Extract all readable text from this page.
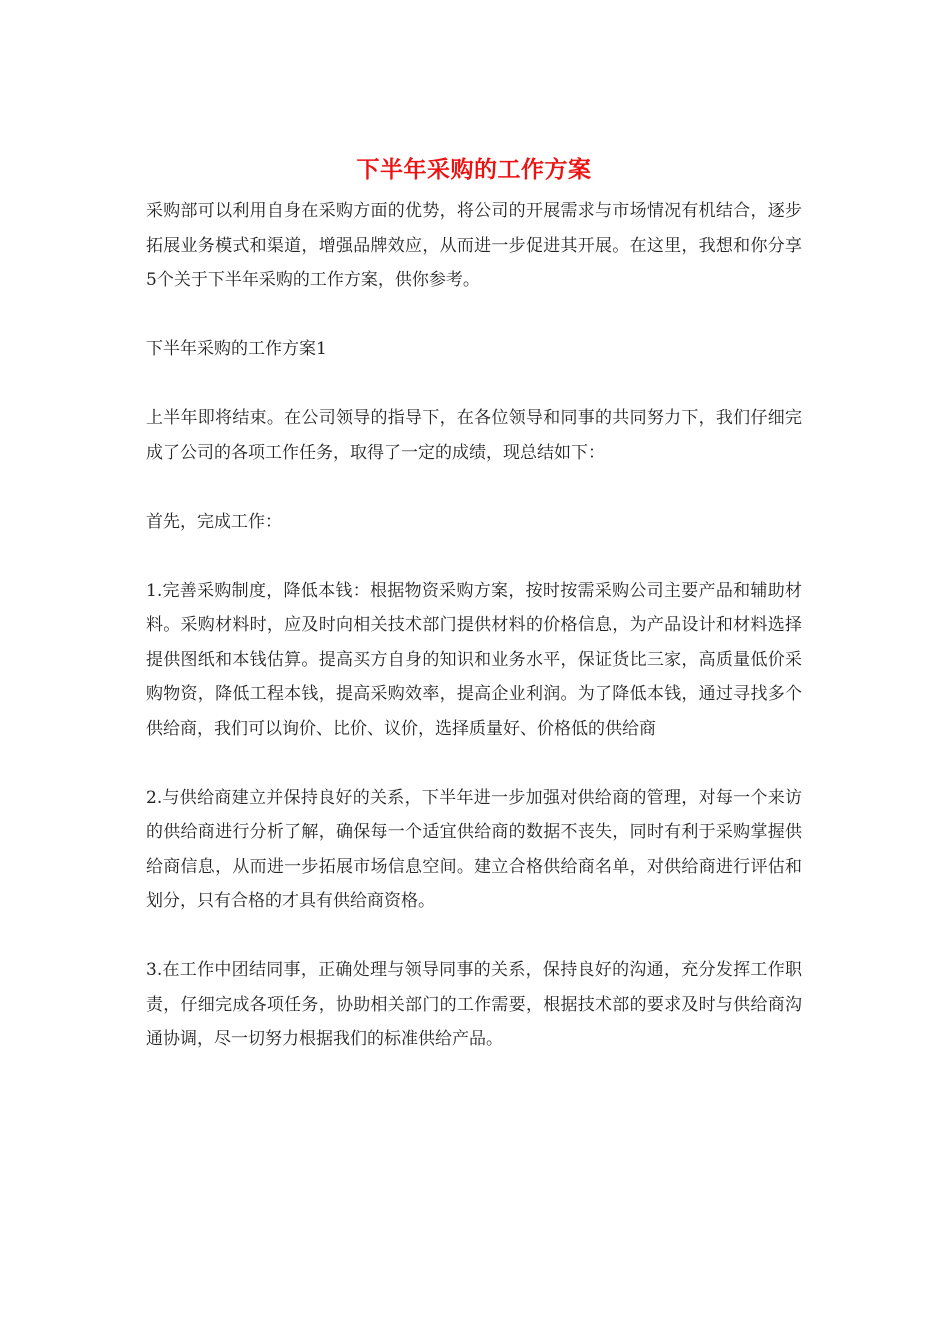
下半年采购的工作方案

采购部可以利用自身在采购方面的优势，将公司的开展需求与市场情况有机结合，逐步拓展业务模式和渠道，增强品牌效应，从而进一步促进其开展。在这里，我想和你分享5个关于下半年采购的工作方案，供你参考。

下半年采购的工作方案1

上半年即将结束。在公司领导的指导下，在各位领导和同事的共同努力下，我们仔细完成了公司的各项工作任务，取得了一定的成绩，现总结如下：

首先，完成工作：

1.完善采购制度，降低本钱：根据物资采购方案，按时按需采购公司主要产品和辅助材料。采购材料时，应及时向相关技术部门提供材料的价格信息，为产品设计和材料选择提供图纸和本钱估算。提高买方自身的知识和业务水平，保证货比三家，高质量低价采购物资，降低工程本钱，提高采购效率，提高企业利润。为了降低本钱，通过寻找多个供给商，我们可以询价、比价、议价，选择质量好、价格低的供给商

2.与供给商建立并保持良好的关系，下半年进一步加强对供给商的管理，对每一个来访的供给商进行分析了解，确保每一个适宜供给商的数据不丧失，同时有利于采购掌握供给商信息，从而进一步拓展市场信息空间。建立合格供给商名单，对供给商进行评估和划分，只有合格的才具有供给商资格。

3.在工作中团结同事，正确处理与领导同事的关系，保持良好的沟通，充分发挥工作职责，仔细完成各项任务，协助相关部门的工作需要，根据技术部的要求及时与供给商沟通协调，尽一切努力根据我们的标准供给产品。
